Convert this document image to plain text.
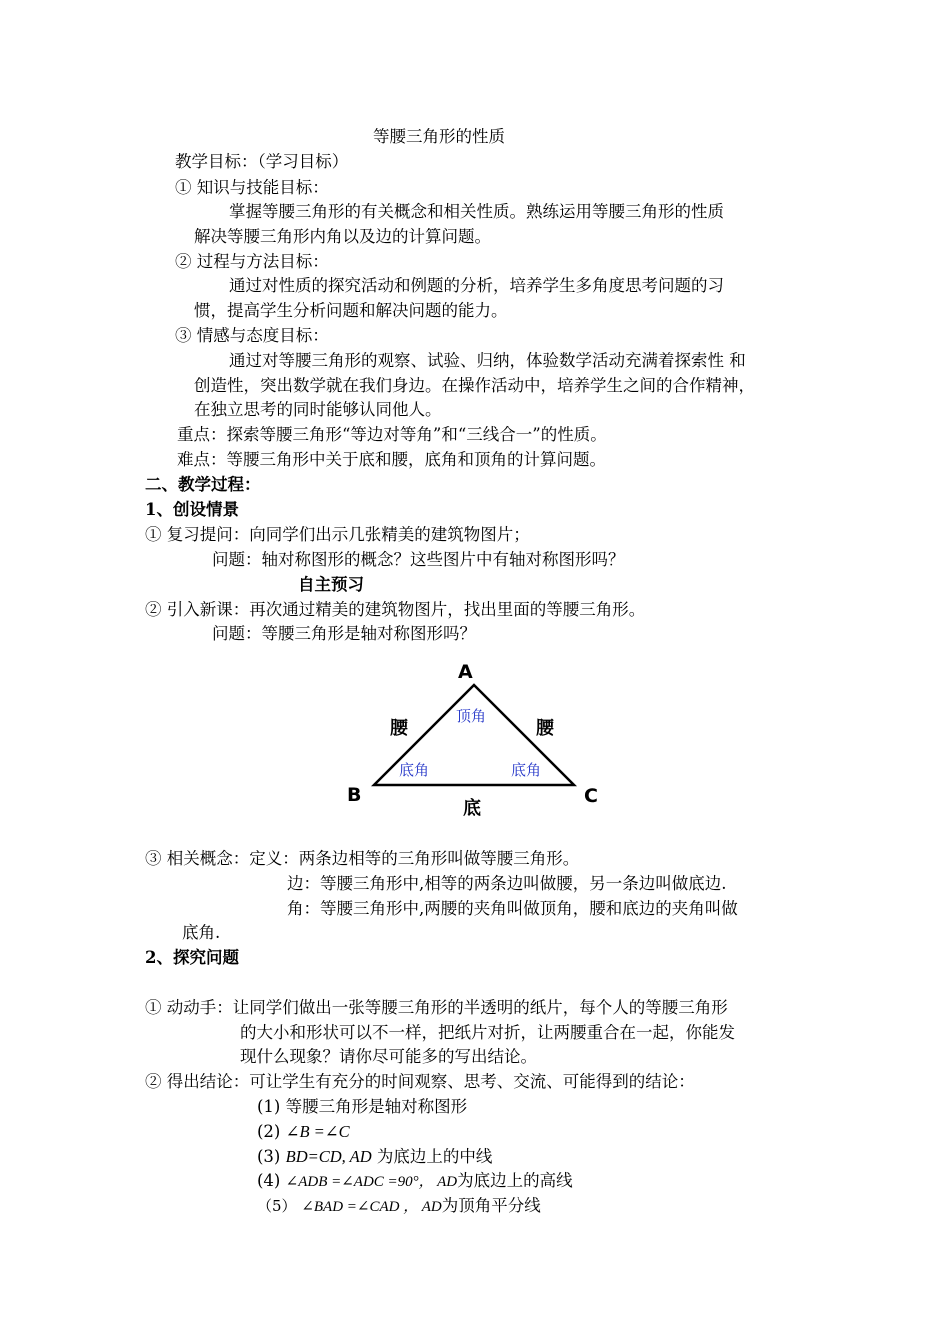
等腰三角形的性质
教学目标：（学习目标）
① 知识与技能目标：
掌握等腰三角形的有关概念和相关性质。熟练运用等腰三角形的性质
解决等腰三角形内角以及边的计算问题。
② 过程与方法目标：
通过对性质的探究活动和例题的分析，培养学生多角度思考问题的习
惯，提高学生分析问题和解决问题的能力。
③ 情感与态度目标：
通过对等腰三角形的观察、试验、归纳，体验数学活动充满着探索性 和
创造性，突出数学就在我们身边。在操作活动中，培养学生之间的合作精神，
在独立思考的同时能够认同他人。
重点：探索等腰三角形“等边对等角”和“三线合一”的性质。
难点：等腰三角形中关于底和腰，底角和顶角的计算问题。
二、教学过程：
1、创设情景
① 复习提问：向同学们出示几张精美的建筑物图片；
问题：轴对称图形的概念？这些图片中有轴对称图形吗？
自主预习
② 引入新课：再次通过精美的建筑物图片，找出里面的等腰三角形。
问题：等腰三角形是轴对称图形吗？
A
B	C
腰	腰
底
顶角
底角	底角
③ 相关概念：定义：两条边相等的三角形叫做等腰三角形。
边：等腰三角形中,相等的两条边叫做腰，另一条边叫做底边.
角：等腰三角形中,两腰的夹角叫做顶角，腰和底边的夹角叫做
底角.
2、探究问题
① 动动手：让同学们做出一张等腰三角形的半透明的纸片，每个人的等腰三角形
的大小和形状可以不一样，把纸片对折，让两腰重合在一起，你能发
现什么现象？请你尽可能多的写出结论。
② 得出结论：可让学生有充分的时间观察、思考、交流、可能得到的结论：
(1) 等腰三角形是轴对称图形
(2) ∠B =∠C
(3) BD=CD, AD 为底边上的中线
(4) ∠ADB =∠ADC =90°， AD为底边上的高线
（5） ∠BAD =∠CAD ， AD为顶角平分线
